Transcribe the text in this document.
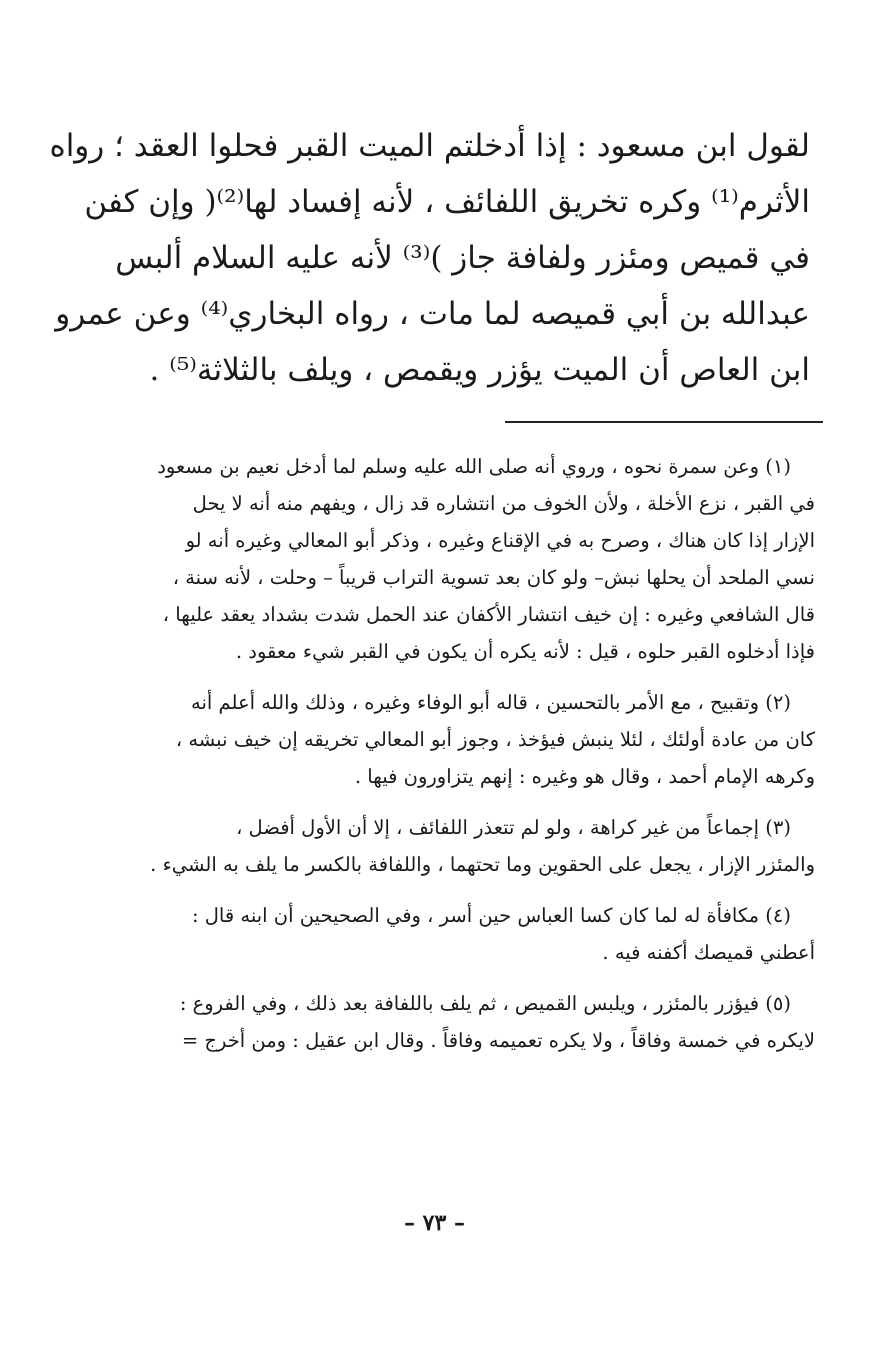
لقول ابن مسعود : إذا أدخلتم الميت القبر فحلوا العقد ؛ رواه
الأثرم⁽¹⁾ وكره تخريق اللفائف ، لأنه إفساد لها⁽²⁾( وإن كفن
في قميص ومئزر ولفافة جاز )⁽³⁾ لأنه عليه السلام ألبس
عبدالله بن أبي قميصه لما مات ، رواه البخاري⁽⁴⁾ وعن عمرو
ابن العاص أن الميت يؤزر ويقمص ، ويلف بالثلاثة⁽⁵⁾ .
(١) وعن سمرة نحوه ، وروي أنه صلى الله عليه وسلم لما أدخل نعيم بن مسعود
في القبر ، نزع الأخلة ، ولأن الخوف من انتشاره قد زال ، ويفهم منه أنه لا يحل
الإزار إذا كان هناك ، وصرح به في الإقناع وغيره ، وذكر أبو المعالي وغيره أنه لو
نسي الملحد أن يحلها نبش– ولو كان بعد تسوية التراب قريباً – وحلت ، لأنه سنة ،
قال الشافعي وغيره : إن خيف انتشار الأكفان عند الحمل شدت بشداد يعقد عليها ،
فإذا أدخلوه القبر حلوه ، قيل : لأنه يكره أن يكون في القبر شيء معقود .
(٢) وتقبيح ، مع الأمر بالتحسين ، قاله أبو الوفاء وغيره ، وذلك والله أعلم أنه
كان من عادة أولئك ، لئلا ينبش فيؤخذ ، وجوز أبو المعالي تخريقه إن خيف نبشه ،
وكرهه الإمام أحمد ، وقال هو وغيره : إنهم يتزاورون فيها .
(٣) إجماعاً من غير كراهة ، ولو لم تتعذر اللفائف ، إلا أن الأول أفضل ،
والمئزر الإزار ، يجعل على الحقوين وما تحتهما ، واللفافة بالكسر ما يلف به الشيء .
(٤) مكافأة له لما كان كسا العباس حين أسر ، وفي الصحيحين أن ابنه قال :
أعطني قميصك أكفنه فيه .
(٥) فيؤزر بالمئزر ، ويلبس القميص ، ثم يلف باللفافة بعد ذلك ، وفي الفروع :
لايكره في خمسة وفاقاً ، ولا يكره تعميمه وفاقاً . وقال ابن عقيل : ومن أخرج =
– ٧٣ –
